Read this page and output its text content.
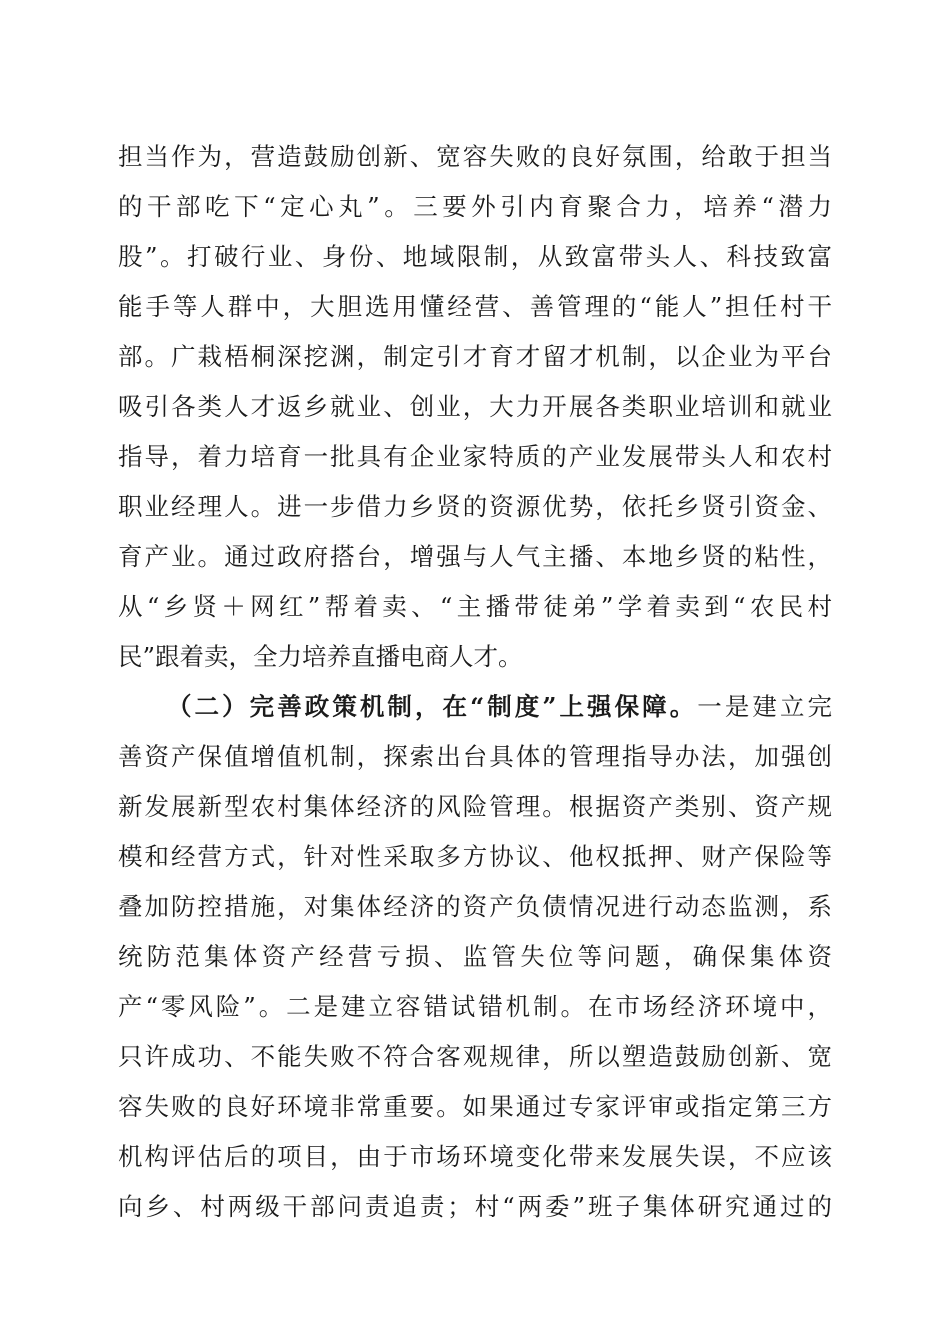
担当作为，营造鼓励创新、宽容失败的良好氛围，给敢于担当
的干部吃下“定心丸”。三要外引内育聚合力，培养“潜力
股”。打破行业、身份、地域限制，从致富带头人、科技致富
能手等人群中，大胆选用懂经营、善管理的“能人”担任村干
部。广栽梧桐深挖渊，制定引才育才留才机制，以企业为平台
吸引各类人才返乡就业、创业，大力开展各类职业培训和就业
指导，着力培育一批具有企业家特质的产业发展带头人和农村
职业经理人。进一步借力乡贤的资源优势，依托乡贤引资金、
育产业。通过政府搭台，增强与人气主播、本地乡贤的粘性，
从“乡贤＋网红”帮着卖、“主播带徒弟”学着卖到“农民村
民”跟着卖，全力培养直播电商人才。
（二）完善政策机制，在“制度”上强保障。一是建立完
善资产保值增值机制，探索出台具体的管理指导办法，加强创
新发展新型农村集体经济的风险管理。根据资产类别、资产规
模和经营方式，针对性采取多方协议、他权抵押、财产保险等
叠加防控措施，对集体经济的资产负债情况进行动态监测，系
统防范集体资产经营亏损、监管失位等问题，确保集体资
产“零风险”。二是建立容错试错机制。在市场经济环境中，
只许成功、不能失败不符合客观规律，所以塑造鼓励创新、宽
容失败的良好环境非常重要。如果通过专家评审或指定第三方
机构评估后的项目，由于市场环境变化带来发展失误，不应该
向乡、村两级干部问责追责；村“两委”班子集体研究通过的
